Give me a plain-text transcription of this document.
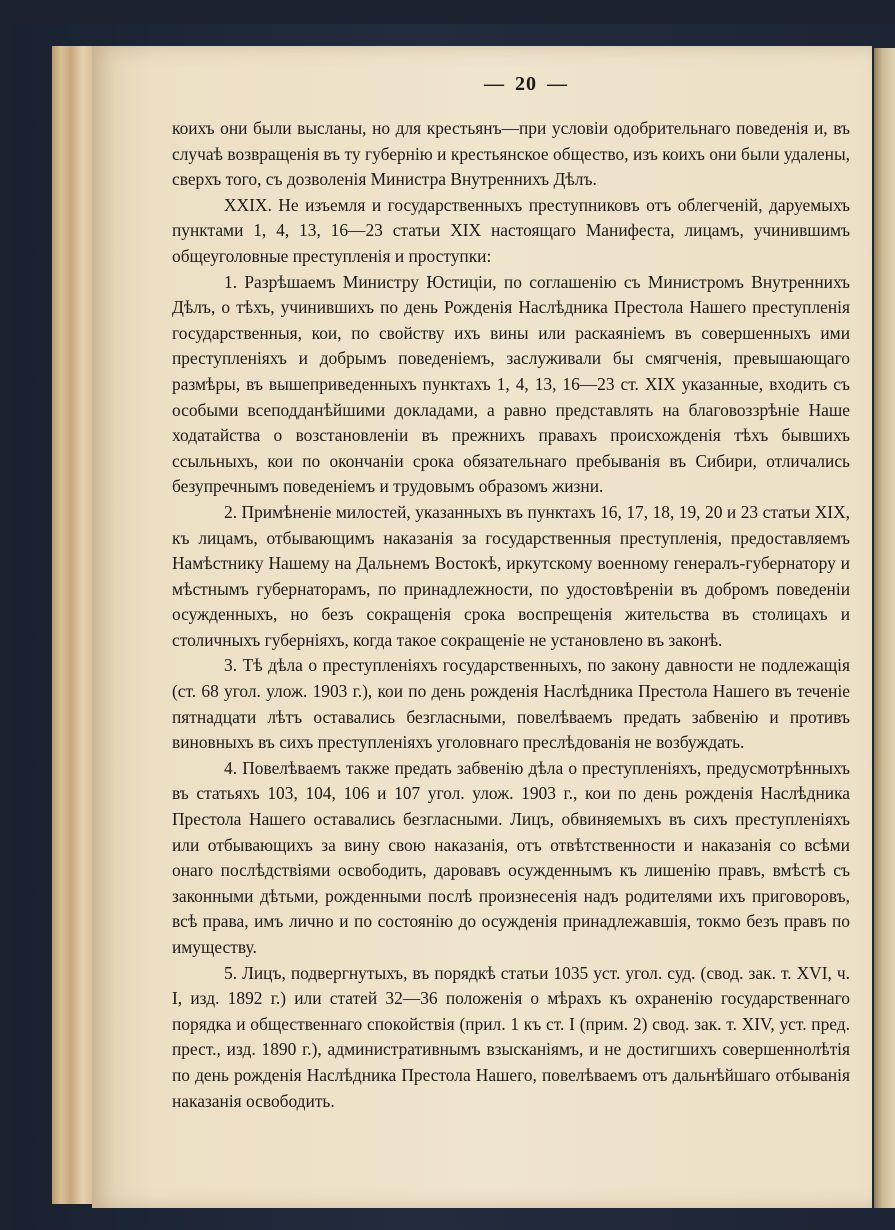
— 20 —

коихъ они были высланы, но для крестьянъ—при условіи одобрительнаго поведенія и, въ случаѣ возвращенія въ ту губернію и крестьянское общество, изъ коихъ они были удалены, сверхъ того, съ дозволенія Министра Внутреннихъ Дѣлъ.

XXIX. Не изъемля и государственныхъ преступниковъ отъ облегченій, даруемыхъ пунктами 1, 4, 13, 16—23 статьи XIX настоящаго Манифеста, лицамъ, учинившимъ общеуголовные преступленія и проступки:

1. Разрѣшаемъ Министру Юстиціи, по соглашенію съ Министромъ Внутреннихъ Дѣлъ, о тѣхъ, учинившихъ по день Рожденія Наслѣдника Престола Нашего преступленія государственныя, кои, по свойству ихъ вины или раскаяніемъ въ совершенныхъ ими преступленіяхъ и добрымъ поведеніемъ, заслуживали бы смягченія, превышающаго размѣры, въ вышеприведенныхъ пунктахъ 1, 4, 13, 16—23 ст. XIX указанные, входить съ особыми всеподданѣйшими докладами, а равно представлять на благовоззрѣніе Наше ходатайства о возстановленіи въ прежнихъ правахъ происхожденія тѣхъ бывшихъ ссыльныхъ, кои по окончаніи срока обязательнаго пребыванія въ Сибири, отличались безупречнымъ поведеніемъ и трудовымъ образомъ жизни.

2. Примѣненіе милостей, указанныхъ въ пунктахъ 16, 17, 18, 19, 20 и 23 статьи XIX, къ лицамъ, отбывающимъ наказанія за государственныя преступленія, предоставляемъ Намѣстнику Нашему на Дальнемъ Востокѣ, иркутскому военному генералъ-губернатору и мѣстнымъ губернаторамъ, по принадлежности, по удостовѣреніи въ добромъ поведеніи осужденныхъ, но безъ сокращенія срока воспрещенія жительства въ столицахъ и столичныхъ губерніяхъ, когда такое сокращеніе не установлено въ законѣ.

3. Тѣ дѣла о преступленіяхъ государственныхъ, по закону давности не подлежащія (ст. 68 угол. улож. 1903 г.), кои по день рожденія Наслѣдника Престола Нашего въ теченіе пятнадцати лѣтъ оставались безгласными, повелѣваемъ предать забвенію и противъ виновныхъ въ сихъ преступленіяхъ уголовнаго преслѣдованія не возбуждать.

4. Повелѣваемъ также предать забвенію дѣла о преступленіяхъ, предусмотрѣнныхъ въ статьяхъ 103, 104, 106 и 107 угол. улож. 1903 г., кои по день рожденія Наслѣдника Престола Нашего оставались безгласными. Лицъ, обвиняемыхъ въ сихъ преступленіяхъ или отбывающихъ за вину свою наказанія, отъ отвѣтственности и наказанія со всѣми онаго послѣдствіями освободить, даровавъ осужденнымъ къ лишенію правъ, вмѣстѣ съ законными дѣтьми, рожденными послѣ произнесенія надъ родителями ихъ приговоровъ, всѣ права, имъ лично и по состоянію до осужденія принадлежавшія, токмо безъ правъ по имуществу.

5. Лицъ, подвергнутыхъ, въ порядкѣ статьи 1035 уст. угол. суд. (свод. зак. т. XVI, ч. I, изд. 1892 г.) или статей 32—36 положенія о мѣрахъ къ охраненію государственнаго порядка и общественнаго спокойствія (прил. 1 къ ст. I (прим. 2) свод. зак. т. XIV, уст. пред. прест., изд. 1890 г.), административнымъ взысканіямъ, и не достигшихъ совершеннолѣтія по день рожденія Наслѣдника Престола Нашего, повелѣваемъ отъ дальнѣйшаго отбыванія наказанія освободить.
